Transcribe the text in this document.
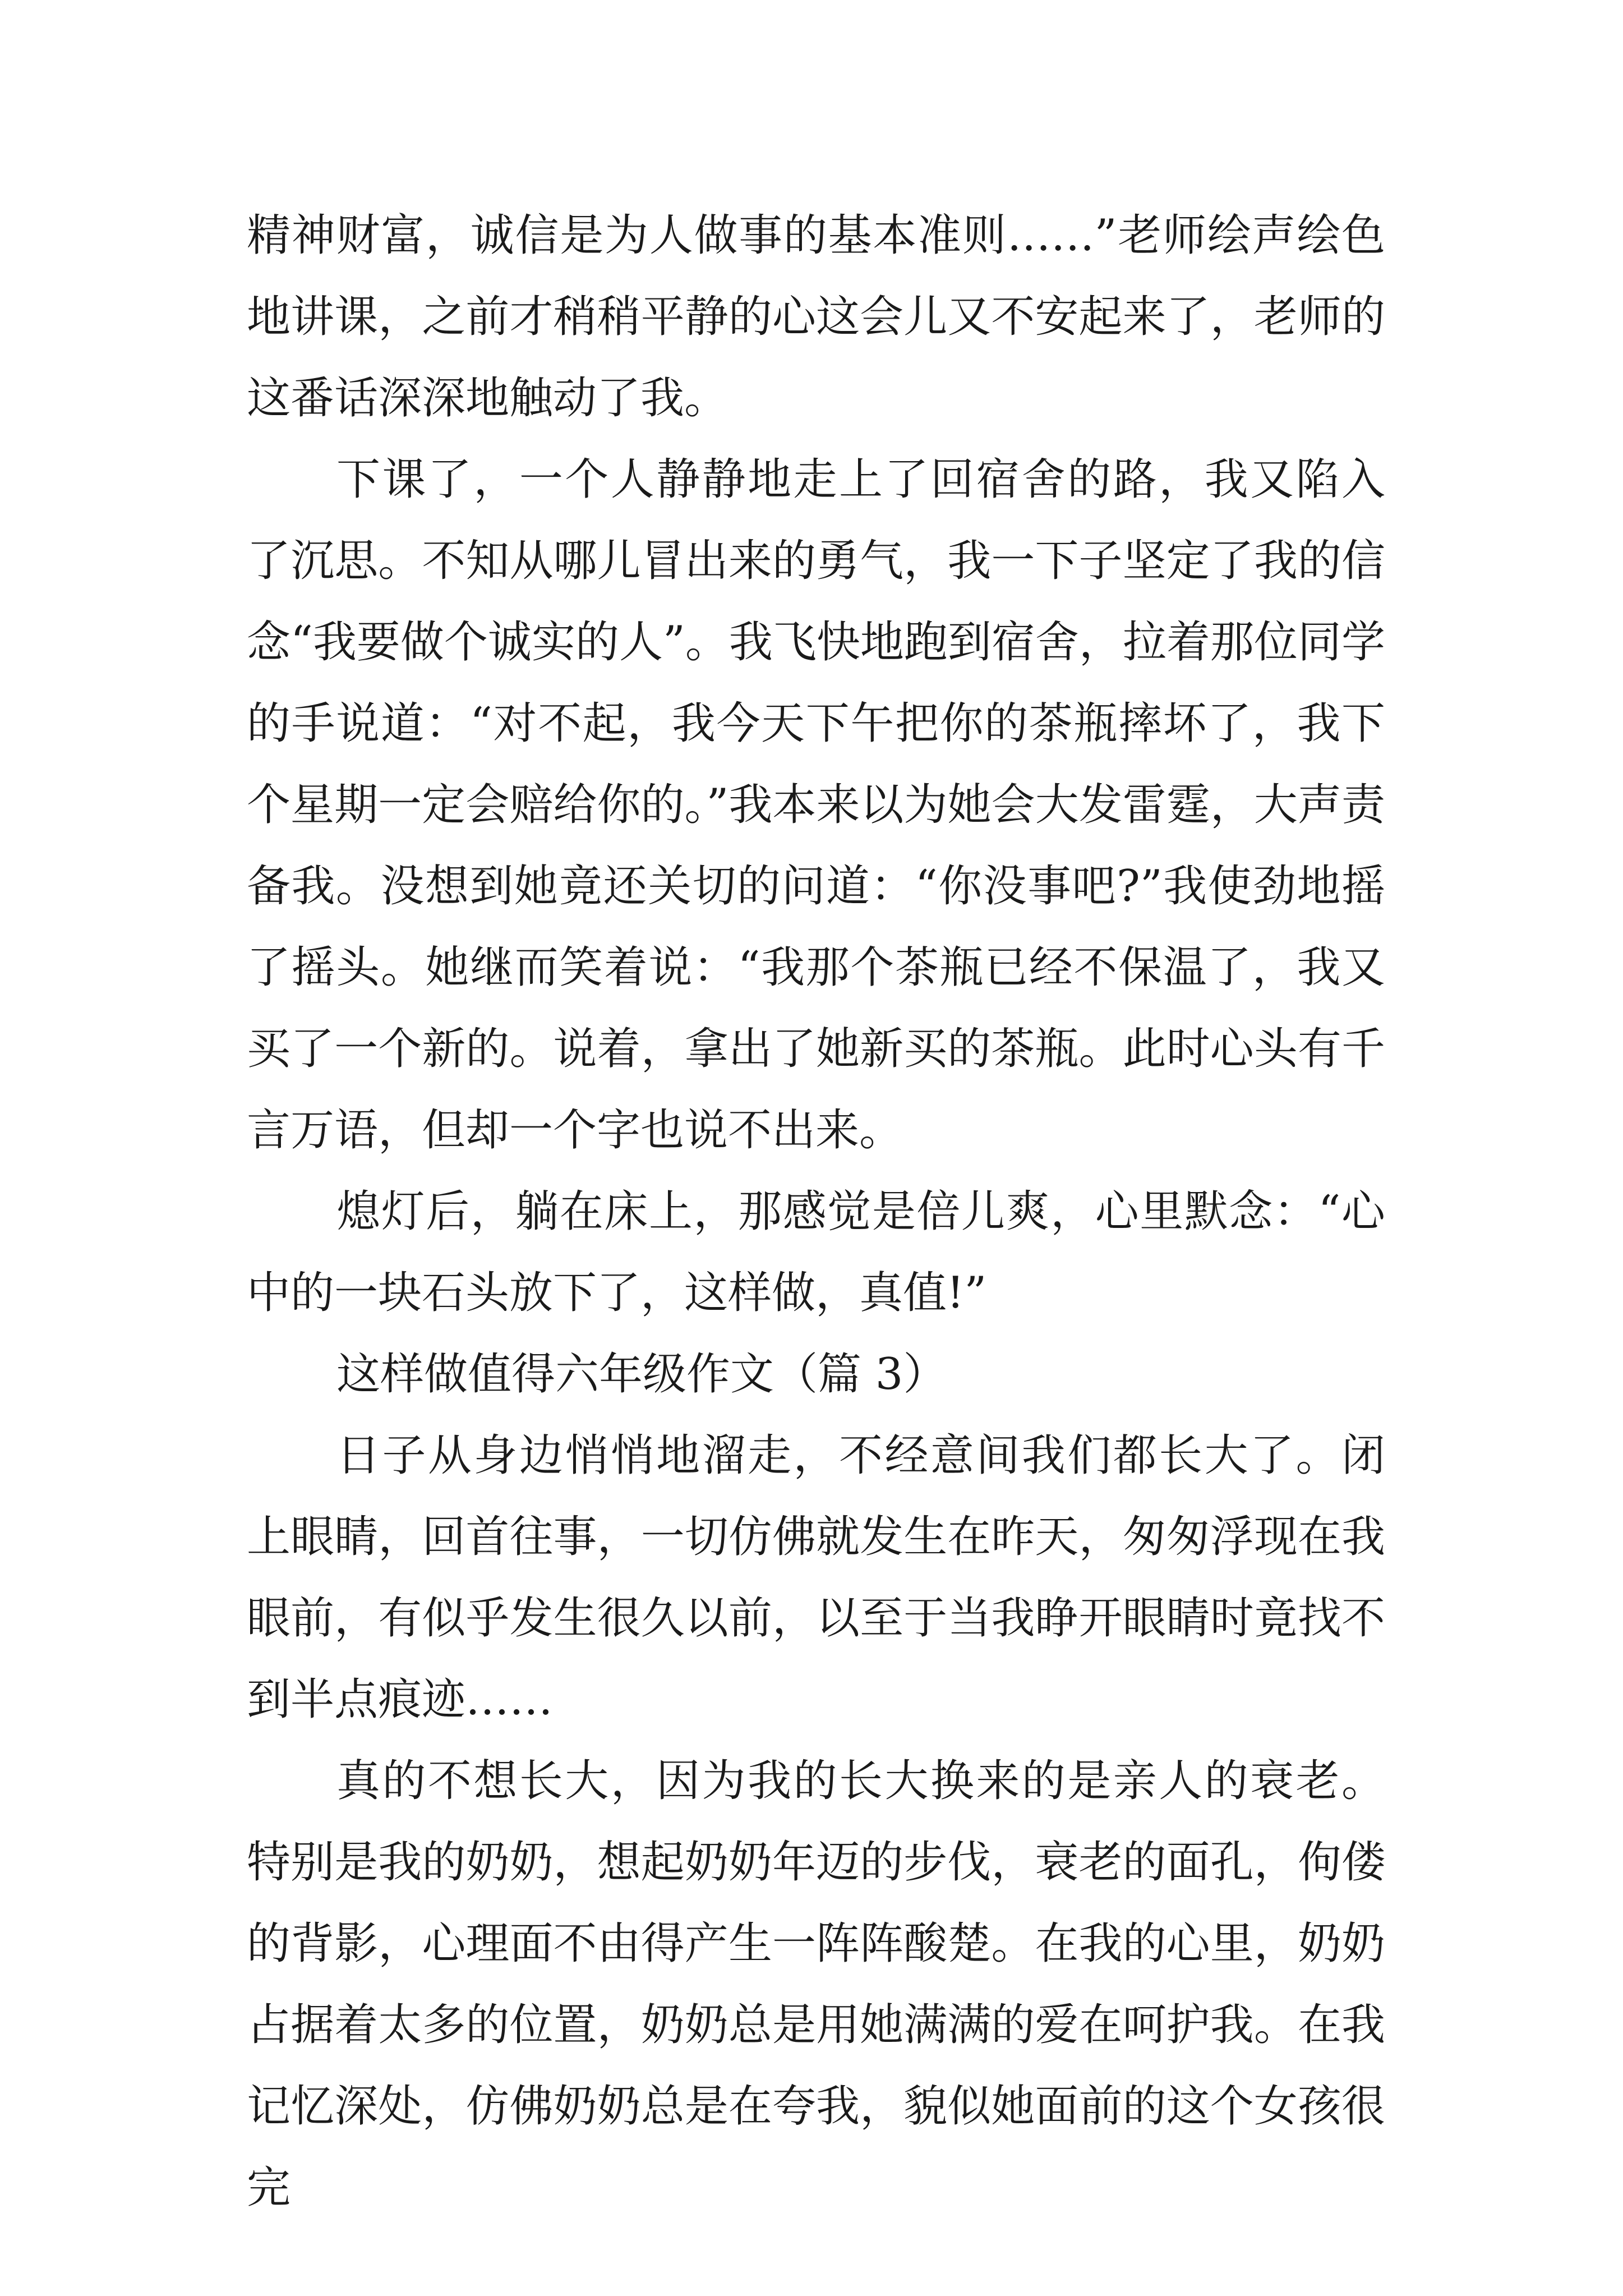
精神财富，诚信是为人做事的基本准则……”老师绘声绘色地讲课，之前才稍稍平静的心这会儿又不安起来了，老师的这番话深深地触动了我。

下课了，一个人静静地走上了回宿舍的路，我又陷入了沉思。不知从哪儿冒出来的勇气，我一下子坚定了我的信念“我要做个诚实的人”。我飞快地跑到宿舍，拉着那位同学的手说道：“对不起，我今天下午把你的茶瓶摔坏了，我下个星期一定会赔给你的。”我本来以为她会大发雷霆，大声责备我。没想到她竟还关切的问道：“你没事吧?”我使劲地摇了摇头。她继而笑着说：“我那个茶瓶已经不保温了，我又买了一个新的。说着，拿出了她新买的茶瓶。此时心头有千言万语，但却一个字也说不出来。

熄灯后，躺在床上，那感觉是倍儿爽，心里默念：“心中的一块石头放下了，这样做，真值!”

这样做值得六年级作文（篇 3）

日子从身边悄悄地溜走，不经意间我们都长大了。闭上眼睛，回首往事，一切仿佛就发生在昨天，匆匆浮现在我眼前，有似乎发生很久以前，以至于当我睁开眼睛时竟找不到半点痕迹……

真的不想长大，因为我的长大换来的是亲人的衰老。特别是我的奶奶，想起奶奶年迈的步伐，衰老的面孔，佝偻的背影，心理面不由得产生一阵阵酸楚。在我的心里，奶奶占据着太多的位置，奶奶总是用她满满的爱在呵护我。在我记忆深处，仿佛奶奶总是在夸我，貌似她面前的这个女孩很完
